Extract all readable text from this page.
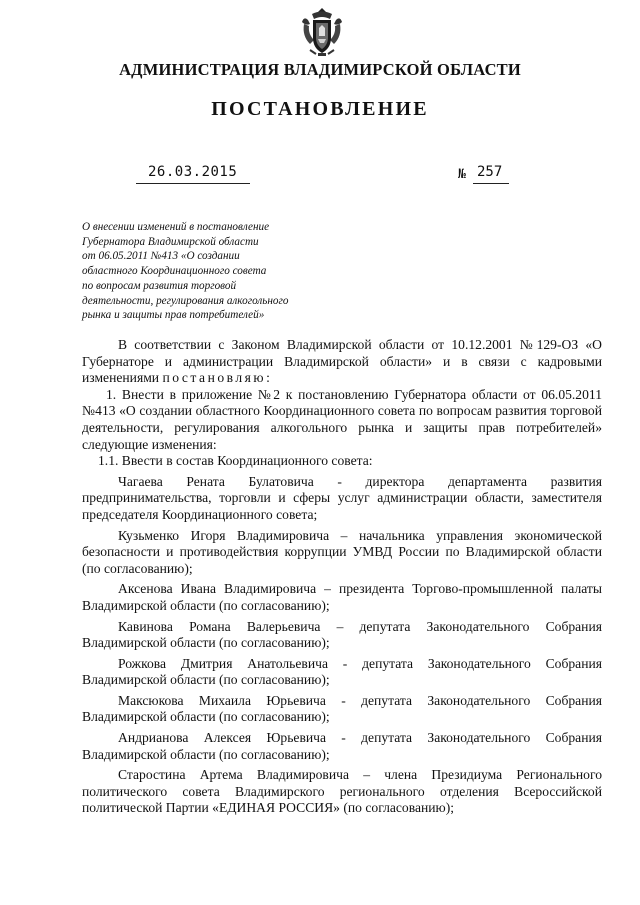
АДМИНИСТРАЦИЯ ВЛАДИМИРСКОЙ ОБЛАСТИ
ПОСТАНОВЛЕНИЕ
26.03.2015	№ 257
О внесении изменений в постановление
Губернатора Владимирской области
от 06.05.2011 №413 «О создании
областного Координационного совета
по вопросам развития торговой
деятельности, регулирования алкогольного
рынка и защиты прав потребителей»

В соответствии с Законом Владимирской области от 10.12.2001 №129-ОЗ «О Губернаторе и администрации Владимирской области» и в связи с кадровыми изменениями постановляю:

1. Внести в приложение №2 к постановлению Губернатора области от 06.05.2011 №413 «О создании областного Координационного совета по вопросам развития торговой деятельности, регулирования алкогольного рынка и защиты прав потребителей» следующие изменения:

1.1. Ввести в состав Координационного совета:

Чагаева Рената Булатовича - директора департамента развития предпринимательства, торговли и сферы услуг администрации области, заместителя председателя Координационного совета;

Кузьменко Игоря Владимировича – начальника управления экономической безопасности и противодействия коррупции УМВД России по Владимирской области (по согласованию);

Аксенова Ивана Владимировича – президента Торгово-промышленной палаты Владимирской области (по согласованию);

Кавинова Романа Валерьевича – депутата Законодательного Собрания Владимирской области (по согласованию);

Рожкова Дмитрия Анатольевича - депутата Законодательного Собрания Владимирской области (по согласованию);

Максюкова Михаила Юрьевича - депутата Законодательного Собрания Владимирской области (по согласованию);

Андрианова Алексея Юрьевича - депутата Законодательного Собрания Владимирской области (по согласованию);

Старостина Артема Владимировича – члена Президиума Регионального политического совета Владимирского регионального отделения Всероссийской политической Партии «ЕДИНАЯ РОССИЯ» (по согласованию);
